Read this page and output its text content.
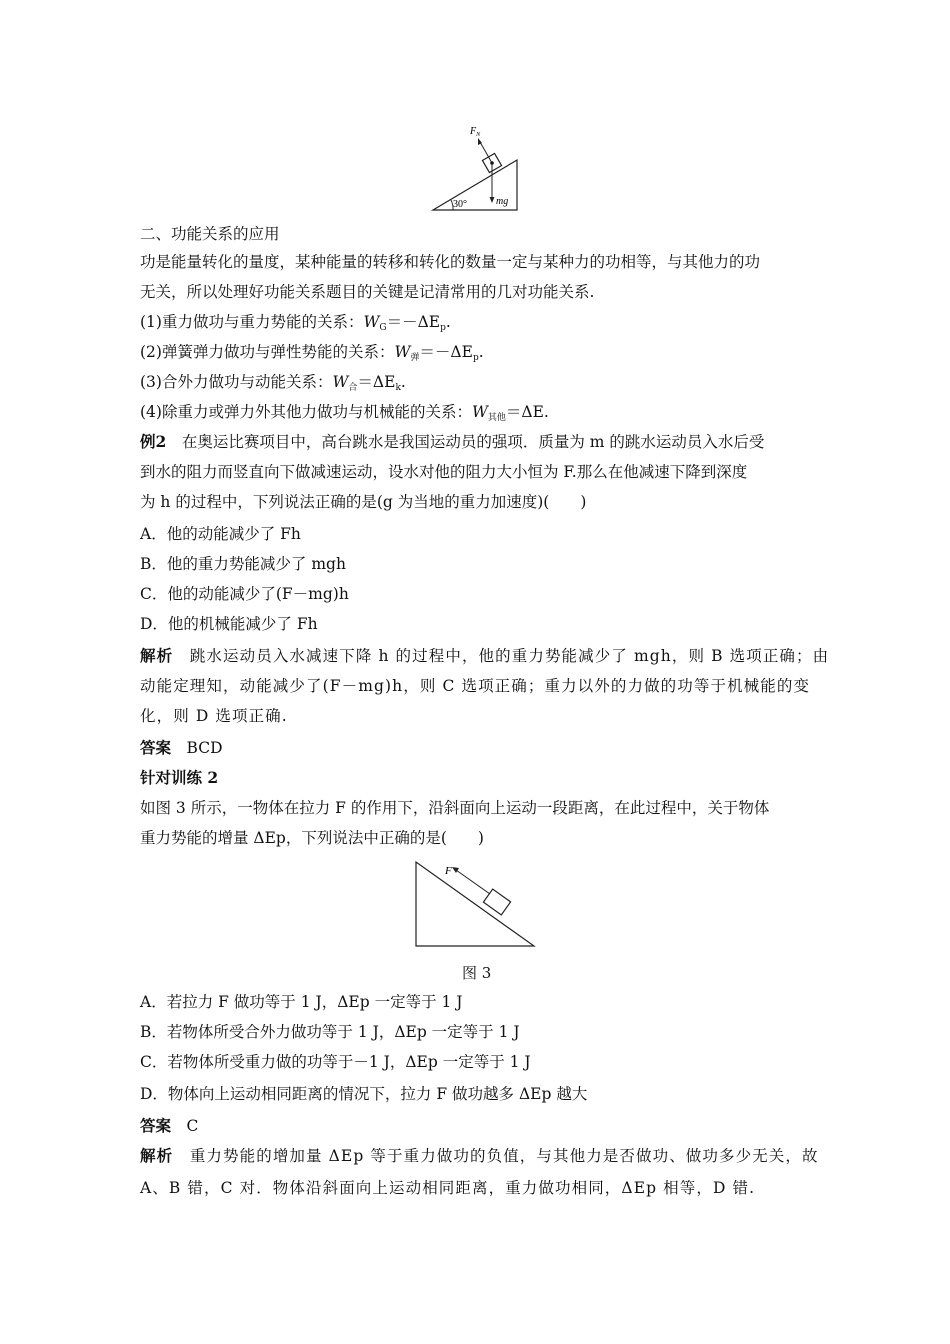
$F_N$
mg
30°
二、功能关系的应用
功是能量转化的量度，某种能量的转移和转化的数量一定与某种力的功相等，与其他力的功
无关，所以处理好功能关系题目的关键是记清常用的几对功能关系.
(1)重力做功与重力势能的关系：$W_G=-\Delta E_p$.
(2)弹簧弹力做功与弹性势能的关系：$W_弹=-\Delta E_p$.
(3)合外力做功与动能关系：$W_合=\Delta E_k$.
(4)除重力或弹力外其他力做功与机械能的关系：$W_{其他}=\Delta E$.
例2　 在奥运比赛项目中，高台跳水是我国运动员的强项．质量为 m 的跳水运动员入水后受
到水的阻力而竖直向下做减速运动，设水对他的阻力大小恒为 F.那么在他减速下降到深度
为 h 的过程中，下列说法正确的是(g 为当地的重力加速度)(　　)
A．他的动能减少了 Fh
B．他的重力势能减少了 mgh
C．他的动能减少了(F－mg)h
D．他的机械能减少了 Fh
解析　 跳水运动员入水减速下降 h 的过程中，他的重力势能减少了 mgh，则 B 选项正确；由
动能定理知，动能减少了(F－mg)h，则 C 选项正确；重力以外的力做的功等于机械能的变
化，则 D 选项正确.
答案　 BCD
针对训练 2
如图 3 所示，一物体在拉力 F 的作用下，沿斜面向上运动一段距离，在此过程中，关于物体
重力势能的增量 ΔEp，下列说法中正确的是(　　)
F
图 3
A．若拉力 F 做功等于 1 J，ΔEp 一定等于 1 J
B．若物体所受合外力做功等于 1 J，ΔEp 一定等于 1 J
C．若物体所受重力做的功等于－1 J，ΔEp 一定等于 1 J
D．物体向上运动相同距离的情况下，拉力 F 做功越多 ΔEp 越大
答案　 C
解析　 重力势能的增加量 ΔEp 等于重力做功的负值，与其他力是否做功、做功多少无关，故
A、B 错，C 对．物体沿斜面向上运动相同距离，重力做功相同，ΔEp 相等，D 错.
